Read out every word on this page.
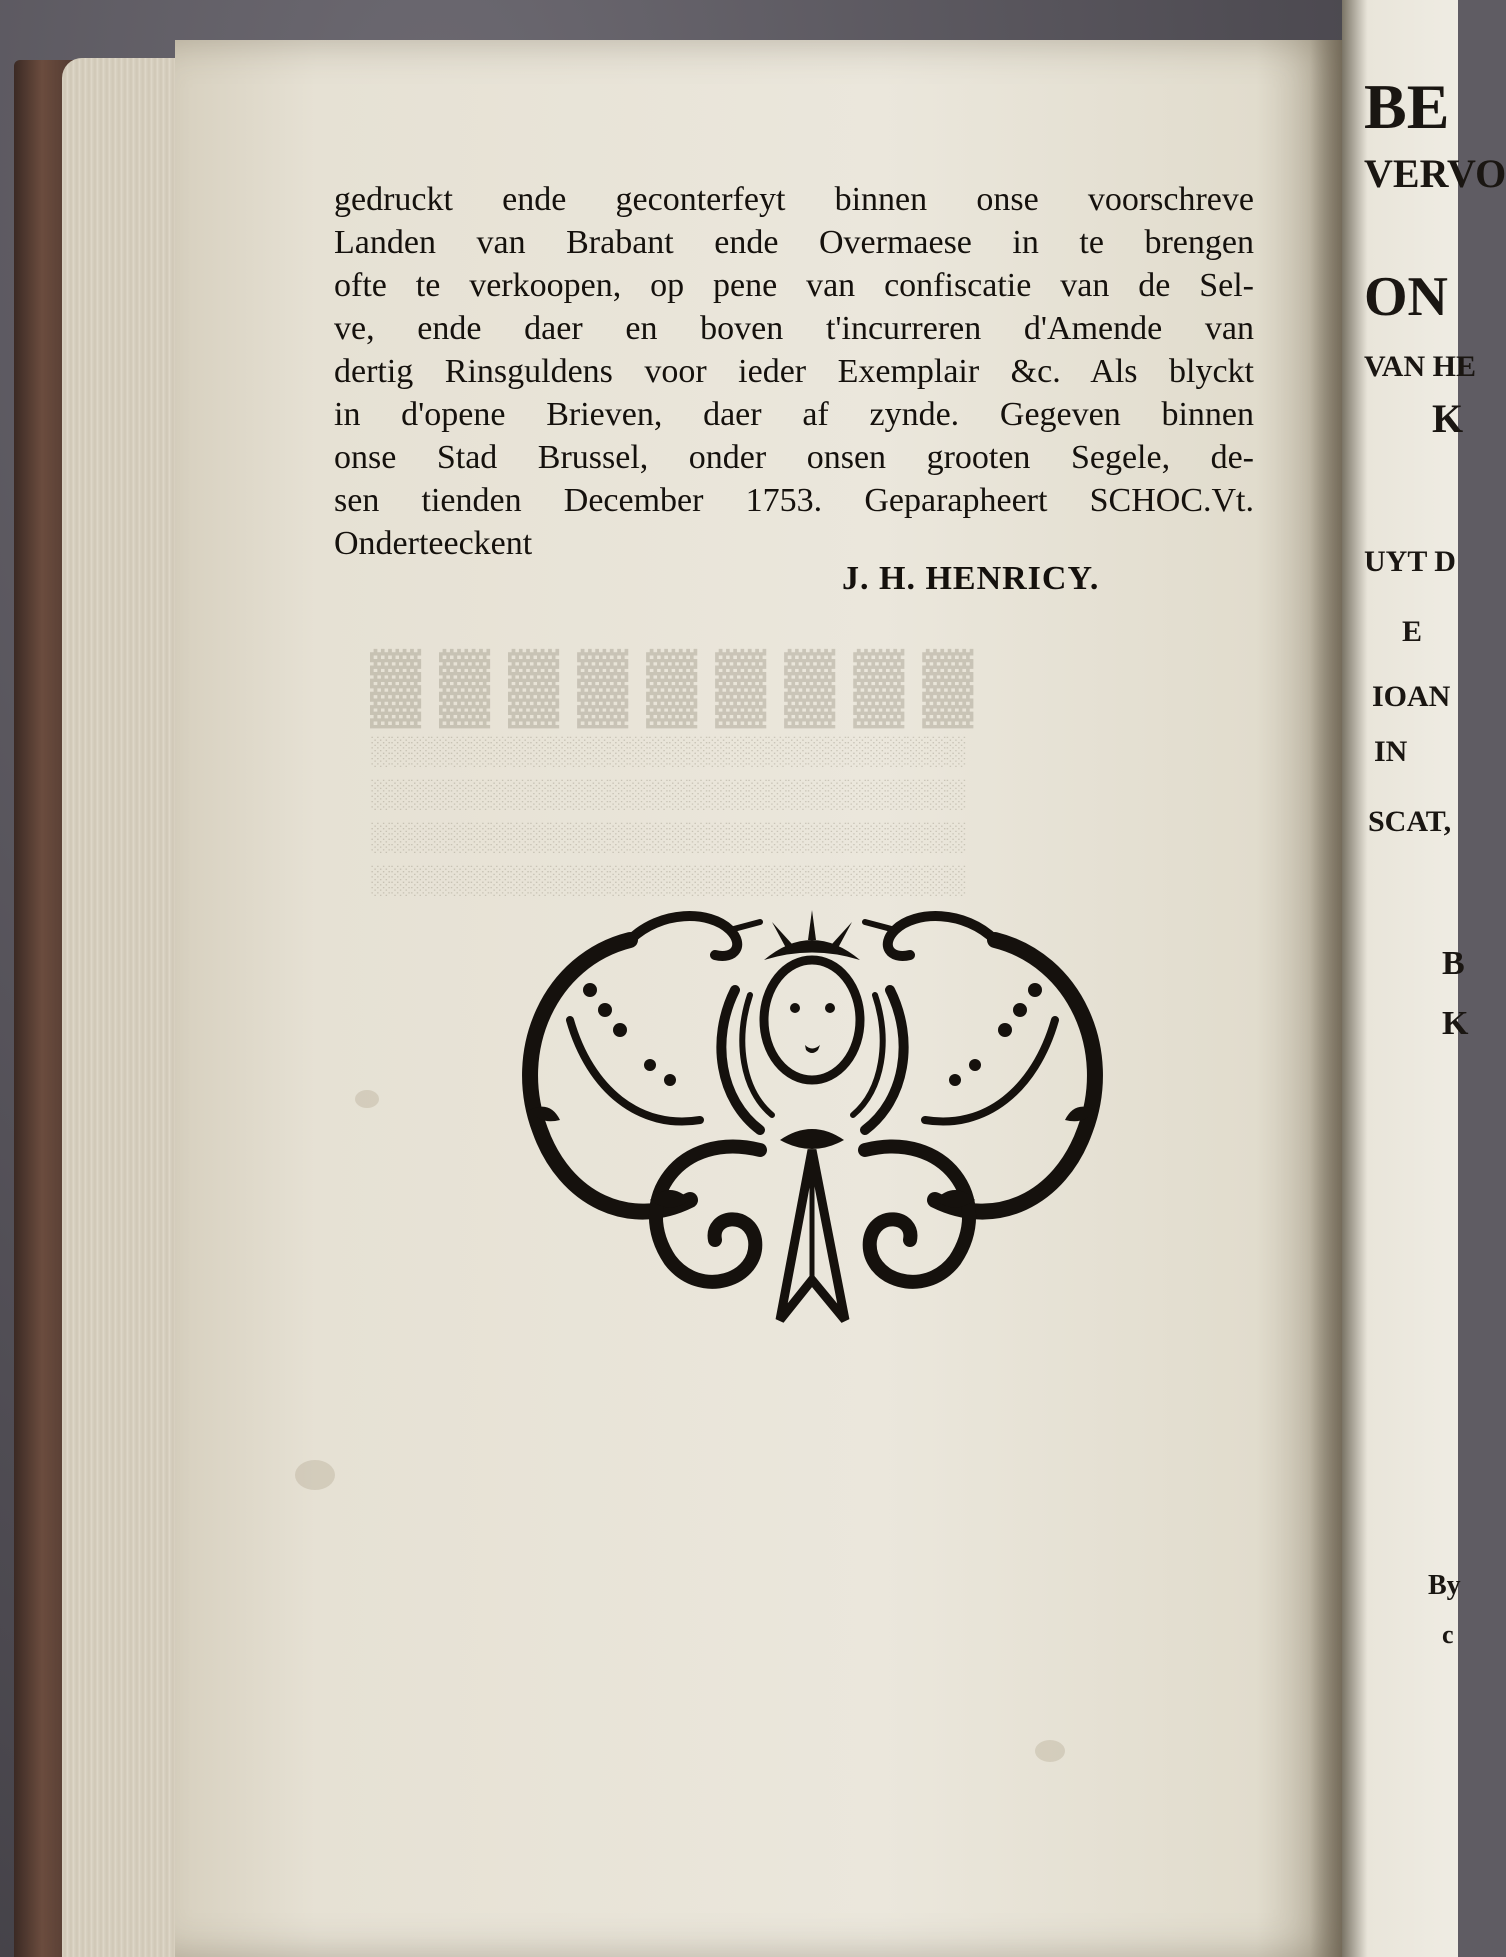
▓▓▓▓▓▓▓▓▓
░░░░░░░░░░░░░░░░░░░░░░░░░░░░░░
░░░░░░░░░░░░░░░░░░░░░░░░░░░░░░
░░░░░░░░░░░░░░░░░░░░░░░░░░░░░░
░░░░░░░░░░░░░░░░░░░░░░░░░░░░░░
BE
VERVO
ON
VAN HE
K
UYT D
E
IOAN
IN
SCAT,
B
K
By
c
gedruckt ende geconterfeyt binnen onse voorschreve
Landen van Brabant ende Overmaese in te brengen
ofte te verkoopen, op pene van confiscatie van de Sel-
ve, ende daer en boven t'incurreren d'Amende van
dertig Rinsguldens voor ieder Exemplair &c. Als blyckt
in d'opene Brieven, daer af zynde. Gegeven binnen
onse Stad Brussel, onder onsen grooten Segele, de-
sen tienden December 1753. Geparapheert SCHOC.Vt.
Onderteeckent
J. H. HENRICY.
